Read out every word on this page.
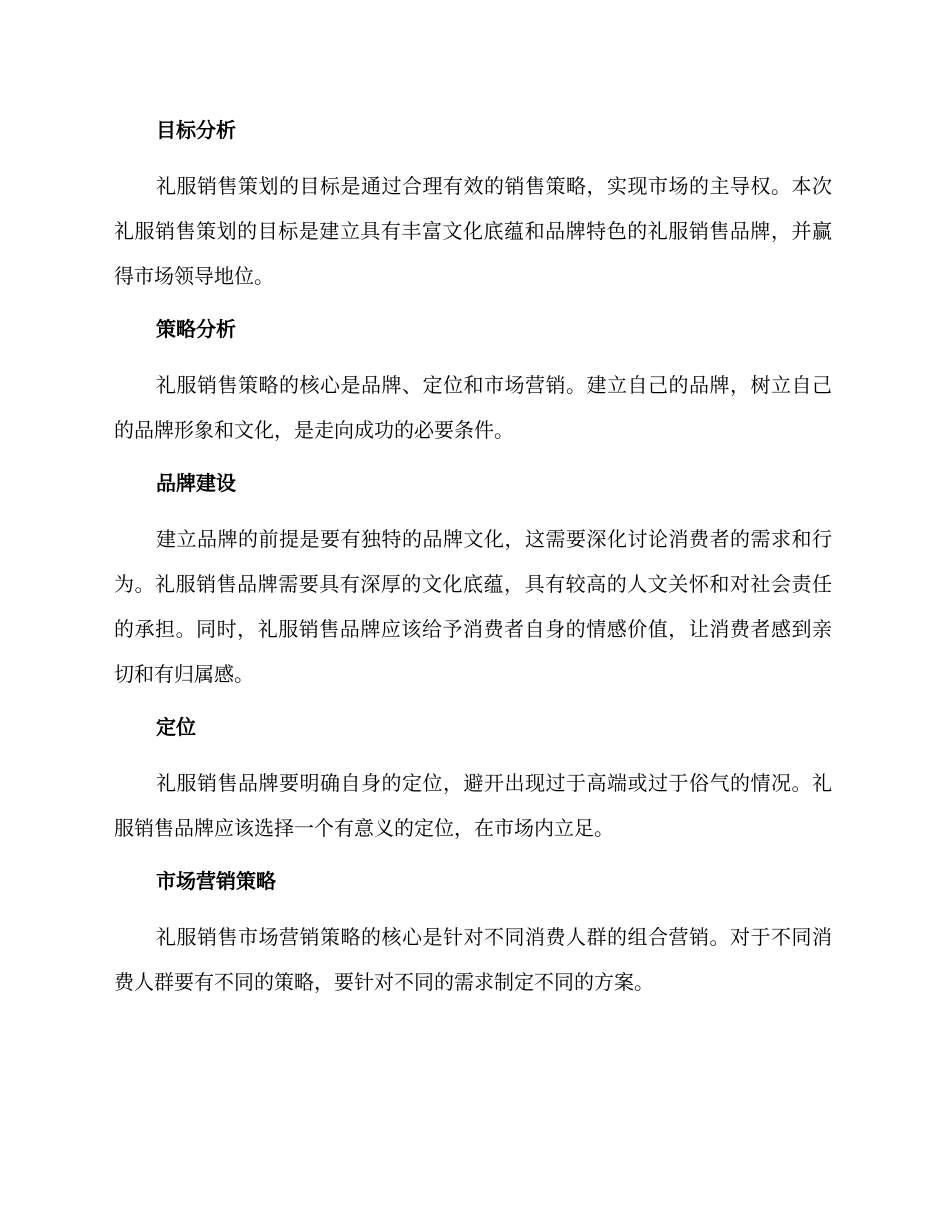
目标分析

礼服销售策划的目标是通过合理有效的销售策略，实现市场的主导权。本次礼服销售策划的目标是建立具有丰富文化底蕴和品牌特色的礼服销售品牌，并赢得市场领导地位。

策略分析

礼服销售策略的核心是品牌、定位和市场营销。建立自己的品牌，树立自己的品牌形象和文化，是走向成功的必要条件。

品牌建设

建立品牌的前提是要有独特的品牌文化，这需要深化讨论消费者的需求和行为。礼服销售品牌需要具有深厚的文化底蕴，具有较高的人文关怀和对社会责任的承担。同时，礼服销售品牌应该给予消费者自身的情感价值，让消费者感到亲切和有归属感。

定位

礼服销售品牌要明确自身的定位，避开出现过于高端或过于俗气的情况。礼服销售品牌应该选择一个有意义的定位，在市场内立足。

市场营销策略

礼服销售市场营销策略的核心是针对不同消费人群的组合营销。对于不同消费人群要有不同的策略，要针对不同的需求制定不同的方案。
